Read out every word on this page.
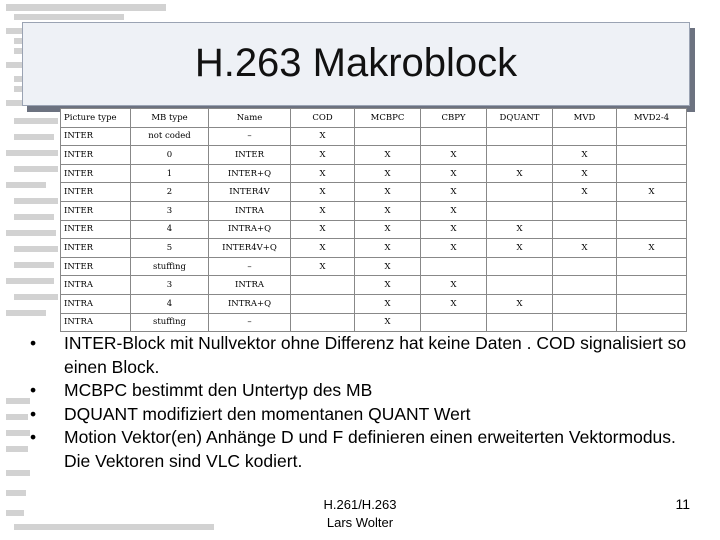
H.263 Makroblock
Picture type	MB type	Name	COD	MCBPC	CBPY	DQUANT	MVD	MVD2-4
INTER	not coded	–	X					
INTER	0	INTER	X	X	X		X	
INTER	1	INTER+Q	X	X	X	X	X	
INTER	2	INTER4V	X	X	X		X	X
INTER	3	INTRA	X	X	X			
INTER	4	INTRA+Q	X	X	X	X		
INTER	5	INTER4V+Q	X	X	X	X	X	X
INTER	stuffing	–	X	X				
INTRA	3	INTRA		X	X			
INTRA	4	INTRA+Q		X	X	X		
INTRA	stuffing	–		X				
•	INTER-Block mit Nullvektor ohne Differenz hat keine Daten . COD signalisiert so einen Block.
•	MCBPC bestimmt den Untertyp des MB
•	DQUANT modifiziert den momentanen QUANT Wert
•	Motion Vektor(en) Anhänge D und F definieren einen erweiterten Vektormodus. Die Vektoren sind VLC kodiert.
H.261/H.263
Lars Wolter
11
